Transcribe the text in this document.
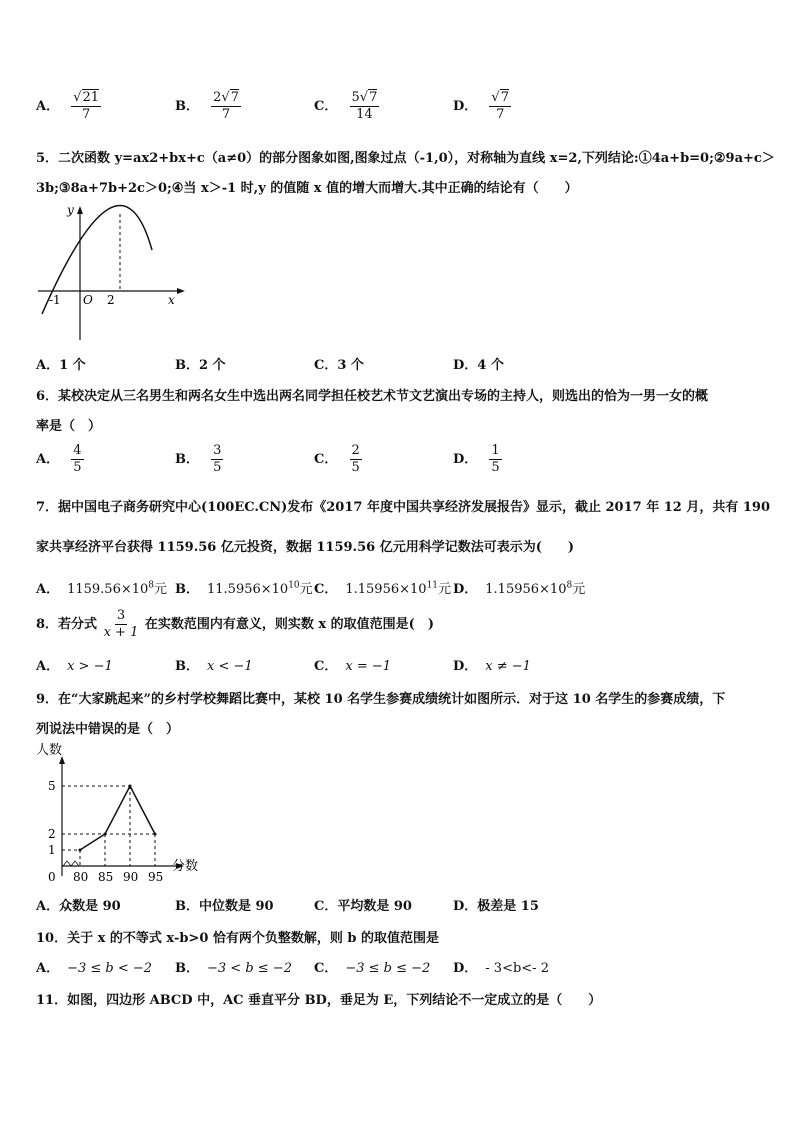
A． $\frac{√21}{7}$	B． $\frac{2√7}{7}$	C． $\frac{5√7}{14}$	D． $\frac{√7}{7}$
5．二次函数 y=ax2+bx+c（a≠0）的部分图象如图,图象过点（-1,0），对称轴为直线 x=2,下列结论:①4a+b=0;②9a+c＞
3b;③8a+7b+2c＞0;④当 x＞-1 时,y 的值随 x 值的增大而增大.其中正确的结论有（　　）
y
x
O
-1	2
A．1 个	B．2 个	C．3 个	D．4 个
6．某校决定从三名男生和两名女生中选出两名同学担任校艺术节文艺演出专场的主持人，则选出的恰为一男一女的概
率是（　）
A． $\frac{4}{5}$	B． $\frac{3}{5}$	C． $\frac{2}{5}$	D． $\frac{1}{5}$
7．据中国电子商务研究中心(100EC.CN)发布《2017 年度中国共享经济发展报告》显示，截止 2017 年 12 月，共有 190
家共享经济平台获得 1159.56 亿元投资，数据 1159.56 亿元用科学记数法可表示为(　　)
A． $1159.56\times 10^8$元 B． $11.5956\times 10^{10}$元 C． $1.15956\times 10^{11}$元 D． $1.15956\times 10^8$元
8．若分式 $\frac{3}{x + 1}$ 在实数范围内有意义，则实数 x 的取值范围是(　)
A． x > −1	B． x < −1	C． x = −1	D． x ≠ −1
9．在“大家跳起来”的乡村学校舞蹈比赛中，某校 10 名学生参赛成绩统计如图所示．对于这 10 名学生的参赛成绩，下
列说法中错误的是（　）
人数
分数
0
1
2
5
80 85 90 95
A．众数是 90	B．中位数是 90	C．平均数是 90	D．极差是 15
10．关于 x 的不等式 x-b>0 恰有两个负整数解，则 b 的取值范围是
A． −3 ≤ b < −2 B． −3 < b ≤ −2 C． −3 ≤ b ≤ −2 D． - 3<b<- 2
11．如图，四边形 ABCD 中，AC 垂直平分 BD，垂足为 E，下列结论不一定成立的是（　　）
